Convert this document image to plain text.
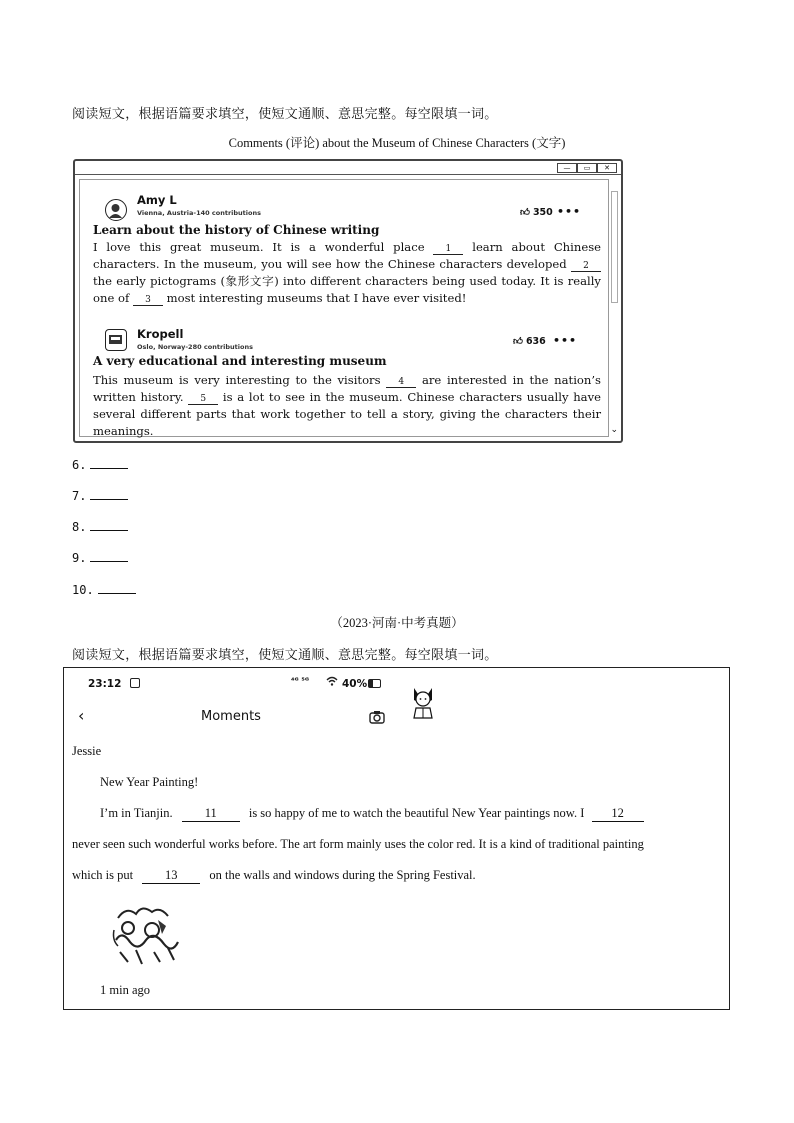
阅读短文，根据语篇要求填空，使短文通顺、意思完整。每空限填一词。
Comments (评论) about the Museum of Chinese Characters (文字)
—	▭	✕
⌄
Amy L
Vienna, Austria-140 contributions	👍︎ 350 •••
Learn about the history of Chinese writing
I love this great museum. It is a wonderful place 1 learn about Chinese characters. In the museum, you will see how the Chinese characters developed 2 the early pictograms (象形文字) into different characters being used today. It is really one of 3 most interesting museums that I have ever visited!
Kropell
Oslo, Norway-280 contributions	👍︎ 636 •••
A very educational and interesting museum
This museum is very interesting to the visitors 4 are interested in the nation’s written history. 5 is a lot to see in the museum. Chinese characters usually have several different parts that work together to tell a story, giving the characters their meanings.
6.
7.
8.
9.
10.
（2023·河南·中考真题）
阅读短文，根据语篇要求填空，使短文通顺、意思完整。每空限填一词。
23:12	⁴ᴳ ⁵ᴳ	40%
‹	Moments
Jessie
New Year Painting!
I’m in Tianjin.	11	is so happy of me to watch the beautiful New Year paintings now. I 12
never seen such wonderful works before. The art form mainly uses the color red. It is a kind of traditional painting
which is put	13	on the walls and windows during the Spring Festival.
1 min ago
